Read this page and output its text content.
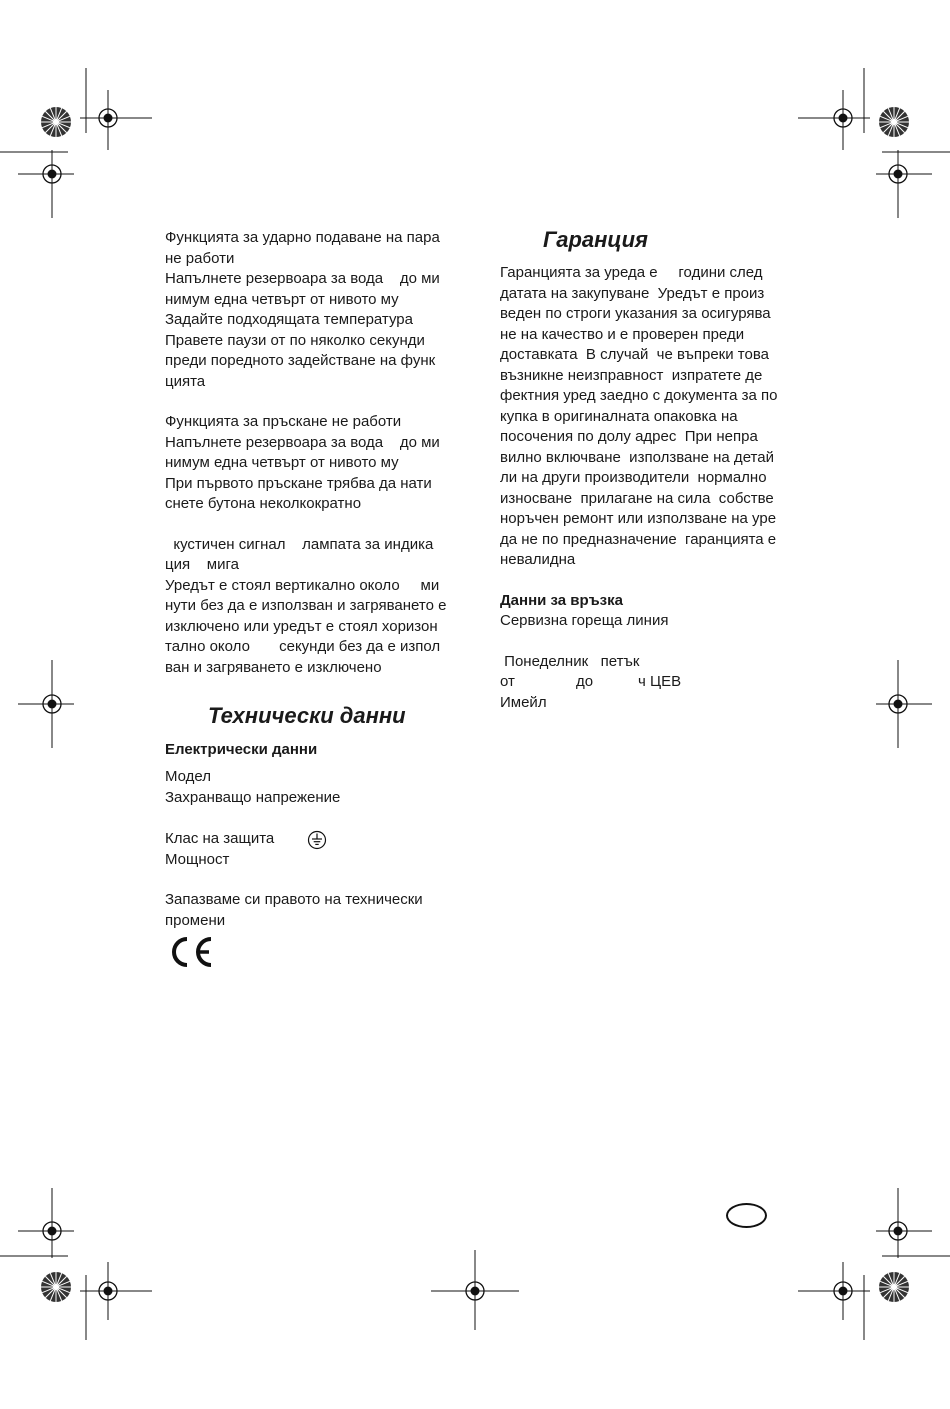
Функцията за ударно подаване на пара

не работи

Напълнете резервоара за вода    до ми

нимум една четвърт от нивото му

Задайте подходящата температура

Правете паузи от по няколко секунди

преди поредното задействане на функ

цията

Функцията за пръскане не работи

Напълнете резервоара за вода    до ми

нимум една четвърт от нивото му

При първото пръскане трябва да нати

снете бутона неколкократно

кустичен сигнал    лампата за индика

ция    мига

Уредът е стоял вертикално около     ми

нути без да е използван и загряването е

изключено или уредът е стоял хоризон

тално около       секунди без да е изпол

ван и загряването е изключено

Технически данни

Електрически данни

Модел

Захранващо напрежение

Клас на защита

Мощност

Запазваме си правото на технически

промени

Гаранция

Гаранцията за уреда е     години след

датата на закупуване  Уредът е произ

веден по строги указания за осигурява

не на качество и е проверен преди

доставката  В случай  че въпреки това

възникне неизправност  изпратете де

фектния уред заедно с документа за по

купка в оригиналната опаковка на

посочения по долу адрес  При непра

вилно включване  използване на детай

ли на други производители  нормално

износване  прилагане на сила  собстве

норъчен ремонт или използване на уре

да не по предназначение  гаранцията е

невалидна

Данни за връзка

Сервизна гореща линия

Понеделник   петък

от	до	ч ЦЕВ

Имейл
